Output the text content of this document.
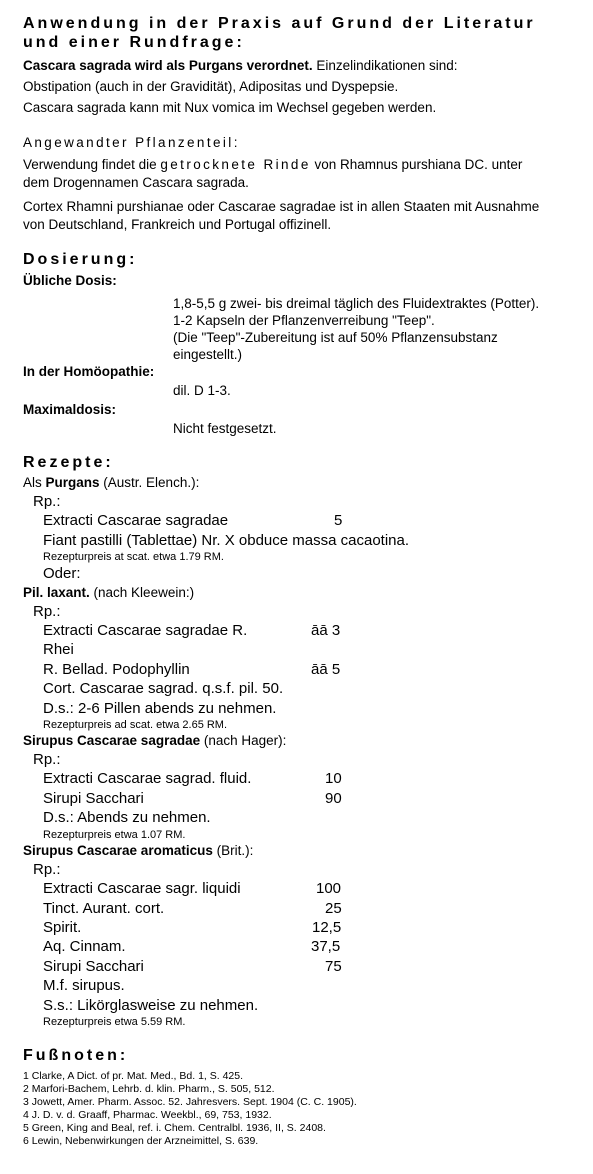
Anwendung in der Praxis auf Grund der Literatur
und einer Rundfrage:

Cascara sagrada wird als Purgans verordnet. Einzelindikationen sind:

Obstipation (auch in der Gravidität), Adipositas und Dyspepsie.

Cascara sagrada kann mit Nux vomica im Wechsel gegeben werden.

Angewandter Pflanzenteil:

Verwendung findet die getrocknete Rinde von Rhamnus purshiana DC. unter

dem Drogennamen Cascara sagrada.

Cortex Rhamni purshianae oder Cascarae sagradae ist in allen Staaten mit Ausnahme

von Deutschland, Frankreich und Portugal offizinell.

Dosierung:
Übliche Dosis:
1,8-5,5 g zwei- bis dreimal täglich des Fluidextraktes (Potter).
1-2 Kapseln der Pflanzenverreibung "Teep".
(Die "Teep"-Zubereitung ist auf 50% Pflanzensubstanz
eingestellt.)
In der Homöopathie:
dil. D 1-3.
Maximaldosis:
Nicht festgesetzt.
Rezepte:
Als Purgans (Austr. Elench.):
Rp.:
Extracti Cascarae sagradae	5
Fiant pastilli (Tablettae) Nr. X obduce massa cacaotina.
Rezepturpreis at scat. etwa 1.79 RM.
Oder:
Pil. laxant. (nach Kleewein:)
Rp.:
Extracti Cascarae sagradae R.	āā 3
Rhei
R. Bellad. Podophyllin	āā 5
Cort. Cascarae sagrad. q.s.f. pil. 50.
D.s.: 2-6 Pillen abends zu nehmen.
Rezepturpreis ad scat. etwa 2.65 RM.
Sirupus Cascarae sagradae (nach Hager):
Rp.:
Extracti Cascarae sagrad. fluid.	10
Sirupi Sacchari	90
D.s.: Abends zu nehmen.
Rezepturpreis etwa 1.07 RM.
Sirupus Cascarae aromaticus (Brit.):
Rp.:
Extracti Cascarae sagr. liquidi	100
Tinct. Aurant. cort.	25
Spirit.	12,5
Aq. Cinnam.	37,5
Sirupi Sacchari	75
M.f. sirupus.
S.s.: Likörglasweise zu nehmen.
Rezepturpreis etwa 5.59 RM.
Fußnoten:

1 Clarke, A Dict. of pr. Mat. Med., Bd. 1, S. 425.

2 Marfori-Bachem, Lehrb. d. klin. Pharm., S. 505, 512.

3 Jowett, Amer. Pharm. Assoc. 52. Jahresvers. Sept. 1904 (C. C. 1905).

4 J. D. v. d. Graaff, Pharmac. Weekbl., 69, 753, 1932.

5 Green, King and Beal, ref. i. Chem. Centralbl. 1936, II, S. 2408.

6 Lewin, Nebenwirkungen der Arzneimittel, S. 639.
